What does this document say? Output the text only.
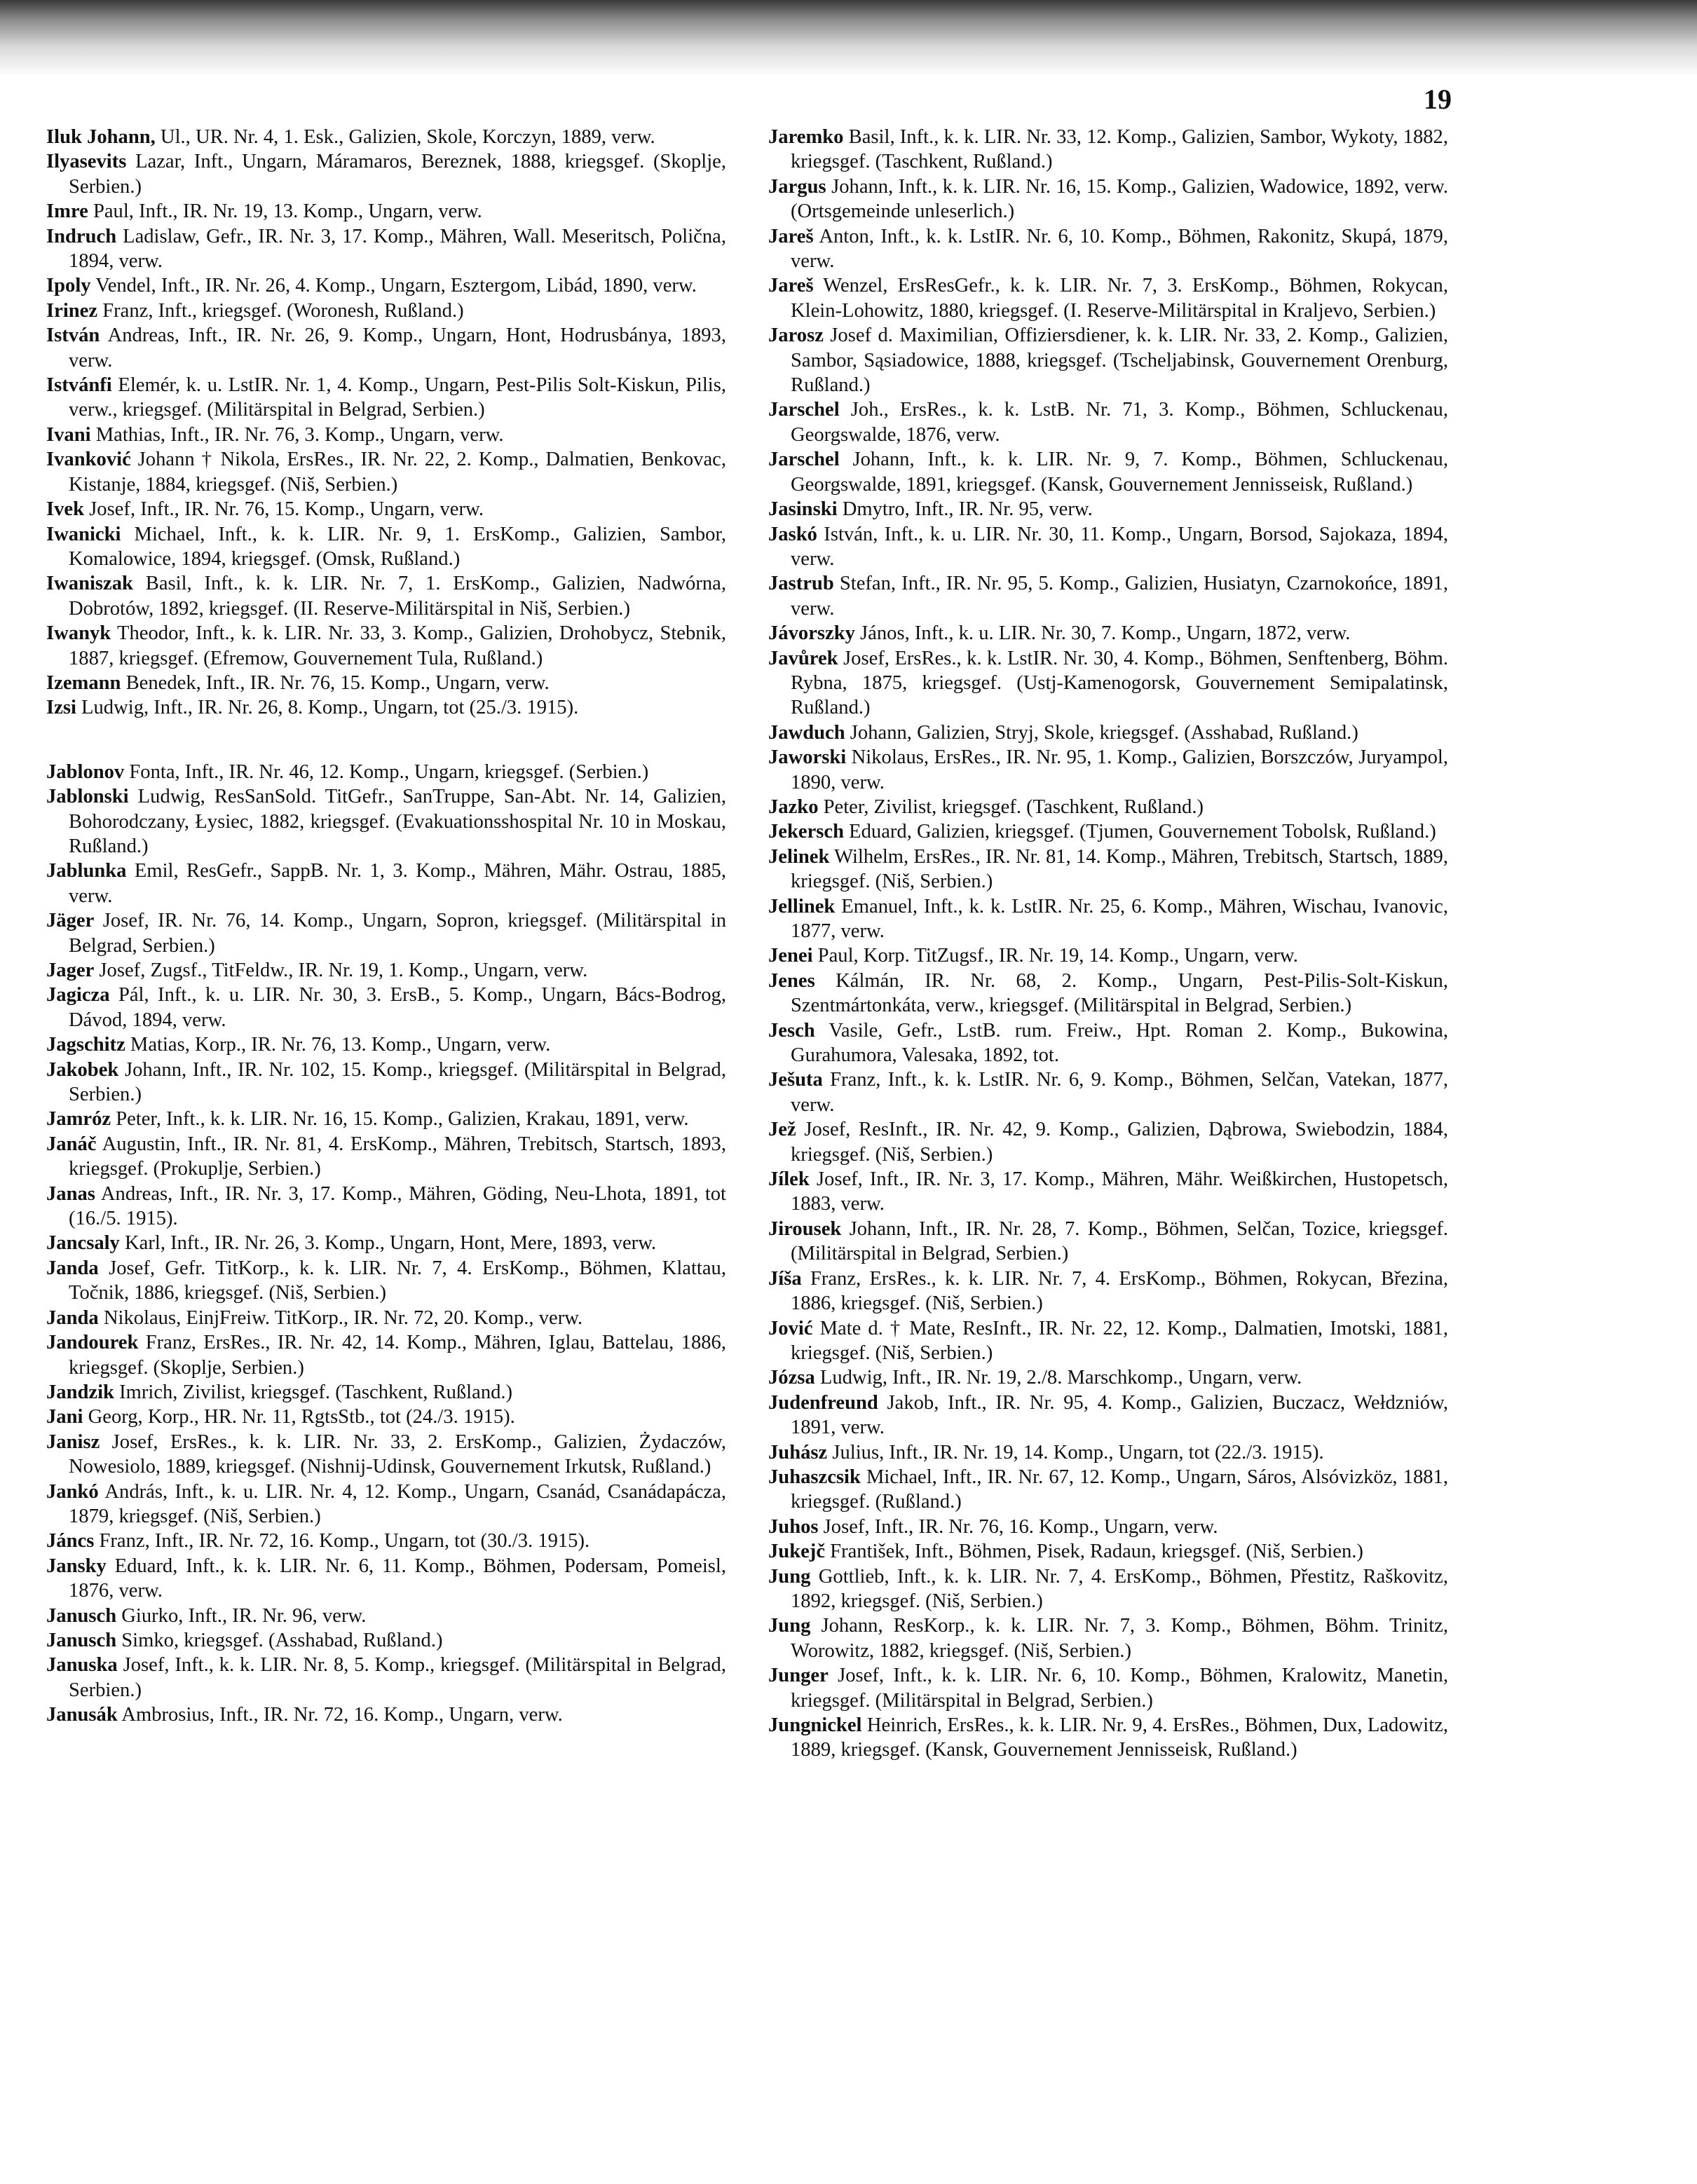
19
Iluk Johann, Ul., UR. Nr. 4, 1. Esk., Galizien, Skole, Korczyn, 1889, verw.
Ilyasevits Lazar, Inft., Ungarn, Máramaros, Bereznek, 1888, kriegsgef. (Skoplje, Serbien.)
Imre Paul, Inft., IR. Nr. 19, 13. Komp., Ungarn, verw.
Indruch Ladislaw, Gefr., IR. Nr. 3, 17. Komp., Mähren, Wall. Meseritsch, Polična, 1894, verw.
Ipoly Vendel, Inft., IR. Nr. 26, 4. Komp., Ungarn, Esztergom, Libád, 1890, verw.
Irinez Franz, Inft., kriegsgef. (Woronesh, Rußland.)
István Andreas, Inft., IR. Nr. 26, 9. Komp., Ungarn, Hont, Hodrusbánya, 1893, verw.
Istvánfi Elemér, k. u. LstIR. Nr. 1, 4. Komp., Ungarn, Pest-Pilis Solt-Kiskun, Pilis, verw., kriegsgef. (Militärspital in Belgrad, Serbien.)
Ivani Mathias, Inft., IR. Nr. 76, 3. Komp., Ungarn, verw.
Ivanković Johann † Nikola, ErsRes., IR. Nr. 22, 2. Komp., Dalmatien, Benkovac, Kistanje, 1884, kriegsgef. (Niš, Serbien.)
Ivek Josef, Inft., IR. Nr. 76, 15. Komp., Ungarn, verw.
Iwanicki Michael, Inft., k. k. LIR. Nr. 9, 1. ErsKomp., Galizien, Sambor, Komalowice, 1894, kriegsgef. (Omsk, Rußland.)
Iwaniszak Basil, Inft., k. k. LIR. Nr. 7, 1. ErsKomp., Galizien, Nadwórna, Dobrotów, 1892, kriegsgef. (II. Reserve-Militärspital in Niš, Serbien.)
Iwanyk Theodor, Inft., k. k. LIR. Nr. 33, 3. Komp., Galizien, Drohobycz, Stebnik, 1887, kriegsgef. (Efremow, Gouvernement Tula, Rußland.)
Izemann Benedek, Inft., IR. Nr. 76, 15. Komp., Ungarn, verw.
Izsi Ludwig, Inft., IR. Nr. 26, 8. Komp., Ungarn, tot (25./3. 1915).
Jablonov Fonta, Inft., IR. Nr. 46, 12. Komp., Ungarn, kriegsgef. (Serbien.)
Jablonski Ludwig, ResSanSold. TitGefr., SanTruppe, San-Abt. Nr. 14, Galizien, Bohorodczany, Łysiec, 1882, kriegsgef. (Evakuationsshospital Nr. 10 in Moskau, Rußland.)
Jablunka Emil, ResGefr., SappB. Nr. 1, 3. Komp., Mähren, Mähr. Ostrau, 1885, verw.
Jäger Josef, IR. Nr. 76, 14. Komp., Ungarn, Sopron, kriegsgef. (Militärspital in Belgrad, Serbien.)
Jager Josef, Zugsf., TitFeldw., IR. Nr. 19, 1. Komp., Ungarn, verw.
Jagicza Pál, Inft., k. u. LIR. Nr. 30, 3. ErsB., 5. Komp., Ungarn, Bács-Bodrog, Dávod, 1894, verw.
Jagschitz Matias, Korp., IR. Nr. 76, 13. Komp., Ungarn, verw.
Jakobek Johann, Inft., IR. Nr. 102, 15. Komp., kriegsgef. (Militärspital in Belgrad, Serbien.)
Jamróz Peter, Inft., k. k. LIR. Nr. 16, 15. Komp., Galizien, Krakau, 1891, verw.
Janáč Augustin, Inft., IR. Nr. 81, 4. ErsKomp., Mähren, Trebitsch, Startsch, 1893, kriegsgef. (Prokuplje, Serbien.)
Janas Andreas, Inft., IR. Nr. 3, 17. Komp., Mähren, Göding, Neu-Lhota, 1891, tot (16./5. 1915).
Jancsaly Karl, Inft., IR. Nr. 26, 3. Komp., Ungarn, Hont, Mere, 1893, verw.
Janda Josef, Gefr. TitKorp., k. k. LIR. Nr. 7, 4. ErsKomp., Böhmen, Klattau, Točnik, 1886, kriegsgef. (Niš, Serbien.)
Janda Nikolaus, EinjFreiw. TitKorp., IR. Nr. 72, 20. Komp., verw.
Jandourek Franz, ErsRes., IR. Nr. 42, 14. Komp., Mähren, Iglau, Battelau, 1886, kriegsgef. (Skoplje, Serbien.)
Jandzik Imrich, Zivilist, kriegsgef. (Taschkent, Rußland.)
Jani Georg, Korp., HR. Nr. 11, RgtsStb., tot (24./3. 1915).
Janisz Josef, ErsRes., k. k. LIR. Nr. 33, 2. ErsKomp., Galizien, Żydaczów, Nowesiolo, 1889, kriegsgef. (Nishnij-Udinsk, Gouvernement Irkutsk, Rußland.)
Jankó András, Inft., k. u. LIR. Nr. 4, 12. Komp., Ungarn, Csanád, Csanádapácza, 1879, kriegsgef. (Niš, Serbien.)
Jáncs Franz, Inft., IR. Nr. 72, 16. Komp., Ungarn, tot (30./3. 1915).
Jansky Eduard, Inft., k. k. LIR. Nr. 6, 11. Komp., Böhmen, Podersam, Pomeisl, 1876, verw.
Janusch Giurko, Inft., IR. Nr. 96, verw.
Janusch Simko, kriegsgef. (Asshabad, Rußland.)
Januska Josef, Inft., k. k. LIR. Nr. 8, 5. Komp., kriegsgef. (Militärspital in Belgrad, Serbien.)
Janusák Ambrosius, Inft., IR. Nr. 72, 16. Komp., Ungarn, verw.
Jaremko Basil, Inft., k. k. LIR. Nr. 33, 12. Komp., Galizien, Sambor, Wykoty, 1882, kriegsgef. (Taschkent, Rußland.)
Jargus Johann, Inft., k. k. LIR. Nr. 16, 15. Komp., Galizien, Wadowice, 1892, verw. (Ortsgemeinde unleserlich.)
Jareš Anton, Inft., k. k. LstIR. Nr. 6, 10. Komp., Böhmen, Rakonitz, Skupá, 1879, verw.
Jareš Wenzel, ErsResGefr., k. k. LIR. Nr. 7, 3. ErsKomp., Böhmen, Rokycan, Klein-Lohowitz, 1880, kriegsgef. (I. Reserve-Militärspital in Kraljevo, Serbien.)
Jarosz Josef d. Maximilian, Offiziersdiener, k. k. LIR. Nr. 33, 2. Komp., Galizien, Sambor, Sąsiadowice, 1888, kriegsgef. (Tscheljabinsk, Gouvernement Orenburg, Rußland.)
Jarschel Joh., ErsRes., k. k. LstB. Nr. 71, 3. Komp., Böhmen, Schluckenau, Georgswalde, 1876, verw.
Jarschel Johann, Inft., k. k. LIR. Nr. 9, 7. Komp., Böhmen, Schluckenau, Georgswalde, 1891, kriegsgef. (Kansk, Gouvernement Jennisseisk, Rußland.)
Jasinski Dmytro, Inft., IR. Nr. 95, verw.
Jaskó István, Inft., k. u. LIR. Nr. 30, 11. Komp., Ungarn, Borsod, Sajokaza, 1894, verw.
Jastrub Stefan, Inft., IR. Nr. 95, 5. Komp., Galizien, Husiatyn, Czarnokońce, 1891, verw.
Jávorszky János, Inft., k. u. LIR. Nr. 30, 7. Komp., Ungarn, 1872, verw.
Javůrek Josef, ErsRes., k. k. LstIR. Nr. 30, 4. Komp., Böhmen, Senftenberg, Böhm. Rybna, 1875, kriegsgef. (Ustj-Kamenogorsk, Gouvernement Semipalatinsk, Rußland.)
Jawduch Johann, Galizien, Stryj, Skole, kriegsgef. (Asshabad, Rußland.)
Jaworski Nikolaus, ErsRes., IR. Nr. 95, 1. Komp., Galizien, Borszczów, Juryampol, 1890, verw.
Jazko Peter, Zivilist, kriegsgef. (Taschkent, Rußland.)
Jekersch Eduard, Galizien, kriegsgef. (Tjumen, Gouvernement Tobolsk, Rußland.)
Jelinek Wilhelm, ErsRes., IR. Nr. 81, 14. Komp., Mähren, Trebitsch, Startsch, 1889, kriegsgef. (Niš, Serbien.)
Jellinek Emanuel, Inft., k. k. LstIR. Nr. 25, 6. Komp., Mähren, Wischau, Ivanovic, 1877, verw.
Jenei Paul, Korp. TitZugsf., IR. Nr. 19, 14. Komp., Ungarn, verw.
Jenes Kálmán, IR. Nr. 68, 2. Komp., Ungarn, Pest-Pilis-Solt-Kiskun, Szentmártonkáta, verw., kriegsgef. (Militärspital in Belgrad, Serbien.)
Jesch Vasile, Gefr., LstB. rum. Freiw., Hpt. Roman 2. Komp., Bukowina, Gurahumora, Valesaka, 1892, tot.
Ješuta Franz, Inft., k. k. LstIR. Nr. 6, 9. Komp., Böhmen, Selčan, Vatekan, 1877, verw.
Jež Josef, ResInft., IR. Nr. 42, 9. Komp., Galizien, Dąbrowa, Swiebodzin, 1884, kriegsgef. (Niš, Serbien.)
Jílek Josef, Inft., IR. Nr. 3, 17. Komp., Mähren, Mähr. Weißkirchen, Hustopetsch, 1883, verw.
Jirousek Johann, Inft., IR. Nr. 28, 7. Komp., Böhmen, Selčan, Tozice, kriegsgef. (Militärspital in Belgrad, Serbien.)
Jíša Franz, ErsRes., k. k. LIR. Nr. 7, 4. ErsKomp., Böhmen, Rokycan, Březina, 1886, kriegsgef. (Niš, Serbien.)
Jović Mate d. † Mate, ResInft., IR. Nr. 22, 12. Komp., Dalmatien, Imotski, 1881, kriegsgef. (Niš, Serbien.)
Józsa Ludwig, Inft., IR. Nr. 19, 2./8. Marschkomp., Ungarn, verw.
Judenfreund Jakob, Inft., IR. Nr. 95, 4. Komp., Galizien, Buczacz, Wełdzniów, 1891, verw.
Juhász Julius, Inft., IR. Nr. 19, 14. Komp., Ungarn, tot (22./3. 1915).
Juhaszcsik Michael, Inft., IR. Nr. 67, 12. Komp., Ungarn, Sáros, Alsóvizköz, 1881, kriegsgef. (Rußland.)
Juhos Josef, Inft., IR. Nr. 76, 16. Komp., Ungarn, verw.
Jukejč František, Inft., Böhmen, Pisek, Radaun, kriegsgef. (Niš, Serbien.)
Jung Gottlieb, Inft., k. k. LIR. Nr. 7, 4. ErsKomp., Böhmen, Přestitz, Raškovitz, 1892, kriegsgef. (Niš, Serbien.)
Jung Johann, ResKorp., k. k. LIR. Nr. 7, 3. Komp., Böhmen, Böhm. Trinitz, Worowitz, 1882, kriegsgef. (Niš, Serbien.)
Junger Josef, Inft., k. k. LIR. Nr. 6, 10. Komp., Böhmen, Kralowitz, Manetin, kriegsgef. (Militärspital in Belgrad, Serbien.)
Jungnickel Heinrich, ErsRes., k. k. LIR. Nr. 9, 4. ErsRes., Böhmen, Dux, Ladowitz, 1889, kriegsgef. (Kansk, Gouvernement Jennisseisk, Rußland.)
